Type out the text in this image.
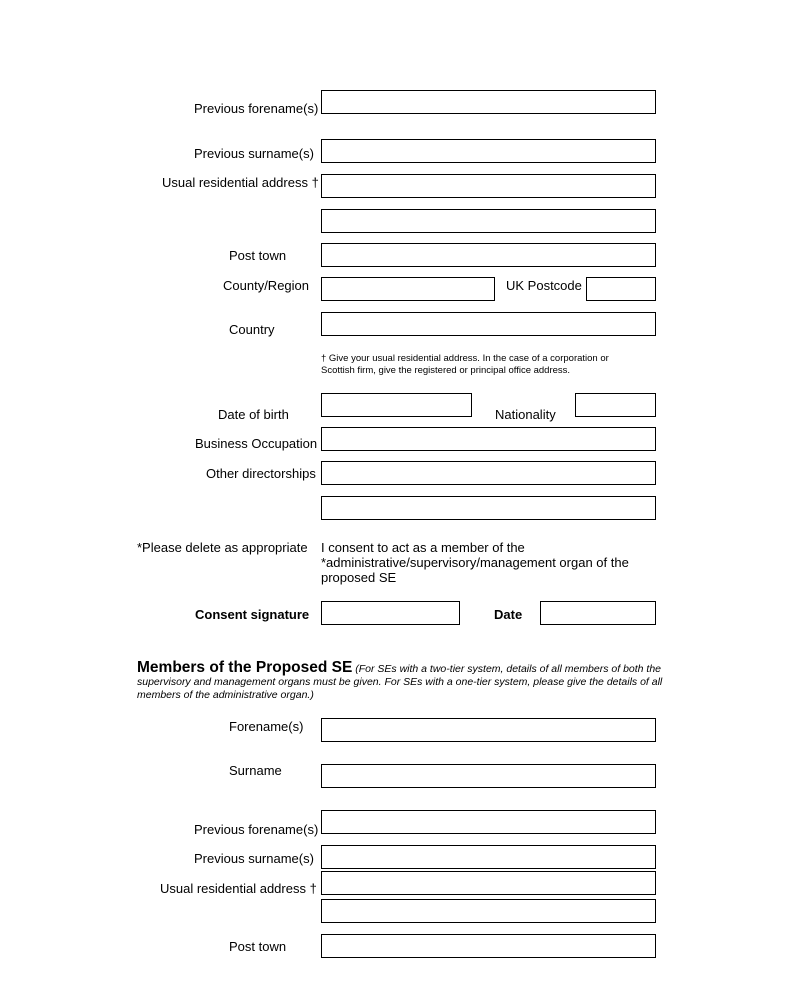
Previous forename(s)
Previous surname(s)
Usual residential address †
Post town
County/Region	UK Postcode
Country
† Give your usual residential address. In the case of a corporation or
Scottish firm, give the registered or principal office address.
Date of birth	Nationality
Business Occupation
Other directorships
*Please delete as appropriate I consent to act as a member of the
*administrative/supervisory/management organ of the
proposed SE
Consent signature	Date
Members of the Proposed SE (For SEs with a two-tier system, details of all members of both the supervisory and management organs must be given. For SEs with a one-tier system, please give the details of all members of the administrative organ.)
Forename(s)
Surname
Previous forename(s)
Previous surname(s)
Usual residential address †
Post town
